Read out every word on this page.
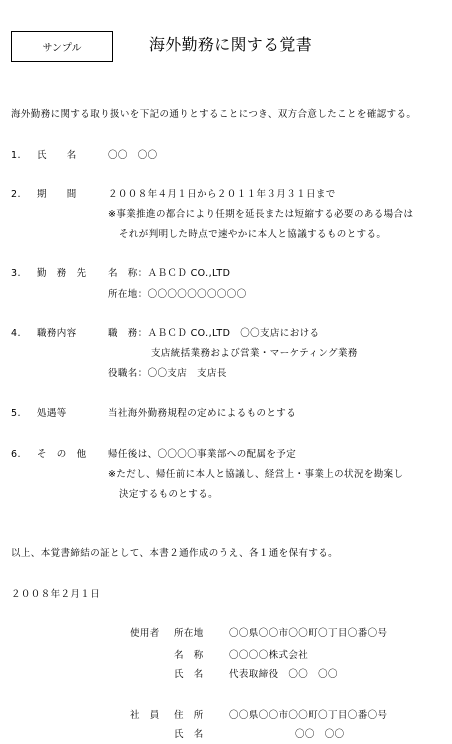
サンプル	海外勤務に関する覚書
海外勤務に関する取り扱いを下記の通りとすることにつき、双方合意したことを確認する。
1. 氏　　名	〇〇　〇〇
2. 期　　間	２００８年４月１日から２０１１年３月３１日まで
※事業推進の都合により任期を延長または短縮する必要のある場合は
それが判明した時点で速やかに本人と協議するものとする。
3. 勤　務　先 名　称：ＡＢＣＤ CO.,LTD
所在地：〇〇〇〇〇〇〇〇〇〇
4. 職務内容	職　務：ＡＢＣＤ CO.,LTD　〇〇支店における
支店統括業務および営業・マーケティング業務
役職名：〇〇支店　支店長
5. 処遇等	当社海外勤務規程の定めによるものとする
6. そ　の　他 帰任後は、〇〇〇〇事業部への配属を予定
※ただし、帰任前に本人と協議し、経営上・事業上の状況を勘案し
決定するものとする。
以上、本覚書締結の証として、本書２通作成のうえ、各１通を保有する。
２００８年２月１日
使用者 所在地	〇〇県〇〇市〇〇町〇丁目〇番〇号
名　称	〇〇〇〇株式会社
氏　名	代表取締役　〇〇　〇〇
社　員 住　所	〇〇県〇〇市〇〇町〇丁目〇番〇号
氏　名	〇〇　〇〇
